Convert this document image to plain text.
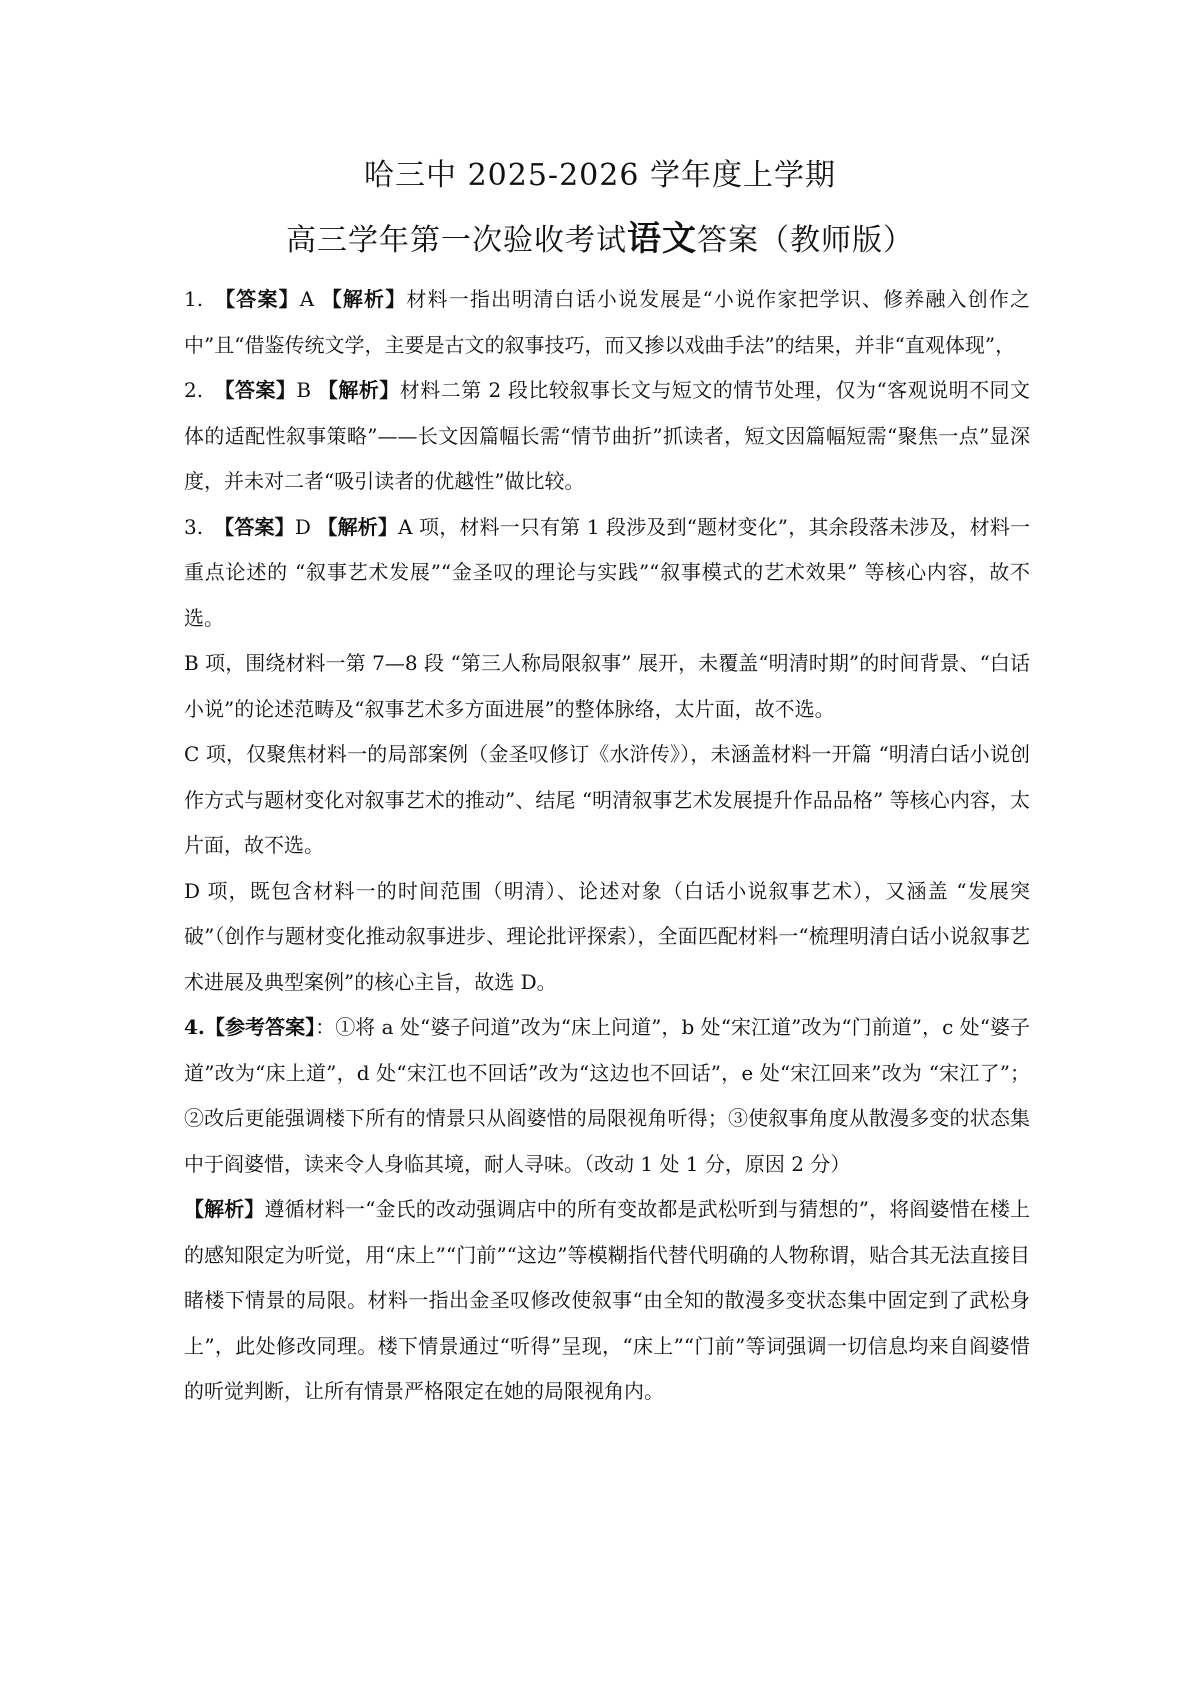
哈三中 2025-2026 学年度上学期
高三学年第一次验收考试语文答案（教师版）

1. 【答案】A 【解析】材料一指出明清白话小说发展是“小说作家把学识、修养融入创作之中”且“借鉴传统文学，主要是古文的叙事技巧，而又掺以戏曲手法”的结果，并非“直观体现”，

2. 【答案】B 【解析】材料二第 2 段比较叙事长文与短文的情节处理，仅为“客观说明不同文体的适配性叙事策略”——长文因篇幅长需“情节曲折”抓读者，短文因篇幅短需“聚焦一点”显深度，并未对二者“吸引读者的优越性”做比较。

3. 【答案】D 【解析】A 项，材料一只有第 1 段涉及到“题材变化”，其余段落未涉及，材料一重点论述的 “叙事艺术发展”“金圣叹的理论与实践”“叙事模式的艺术效果” 等核心内容，故不选。

B 项，围绕材料一第 7—8 段 “第三人称局限叙事” 展开，未覆盖“明清时期”的时间背景、“白话小说”的论述范畴及“叙事艺术多方面进展”的整体脉络，太片面，故不选。

C 项，仅聚焦材料一的局部案例（金圣叹修订《水浒传》），未涵盖材料一开篇 “明清白话小说创作方式与题材变化对叙事艺术的推动”、结尾 “明清叙事艺术发展提升作品品格” 等核心内容，太片面，故不选。

D 项，既包含材料一的时间范围（明清）、论述对象（白话小说叙事艺术），又涵盖 “发展突破”（创作与题材变化推动叙事进步、理论批评探索），全面匹配材料一“梳理明清白话小说叙事艺术进展及典型案例”的核心主旨，故选 D。

4.【参考答案】：①将 a 处“婆子问道”改为“床上问道”，b 处“宋江道”改为“门前道”，c 处“婆子道”改为“床上道”，d 处“宋江也不回话”改为“这边也不回话”，e 处“宋江回来”改为 “宋江了”；②改后更能强调楼下所有的情景只从阎婆惜的局限视角听得；③使叙事角度从散漫多变的状态集中于阎婆惜，读来令人身临其境，耐人寻味。（改动 1 处 1 分，原因 2 分）

【解析】遵循材料一“金氏的改动强调店中的所有变故都是武松听到与猜想的”，将阎婆惜在楼上的感知限定为听觉，用“床上”“门前”“这边”等模糊指代替代明确的人物称谓，贴合其无法直接目睹楼下情景的局限。材料一指出金圣叹修改使叙事“由全知的散漫多变状态集中固定到了武松身上”，此处修改同理。楼下情景通过“听得”呈现，“床上”“门前”等词强调一切信息均来自阎婆惜的听觉判断，让所有情景严格限定在她的局限视角内。
